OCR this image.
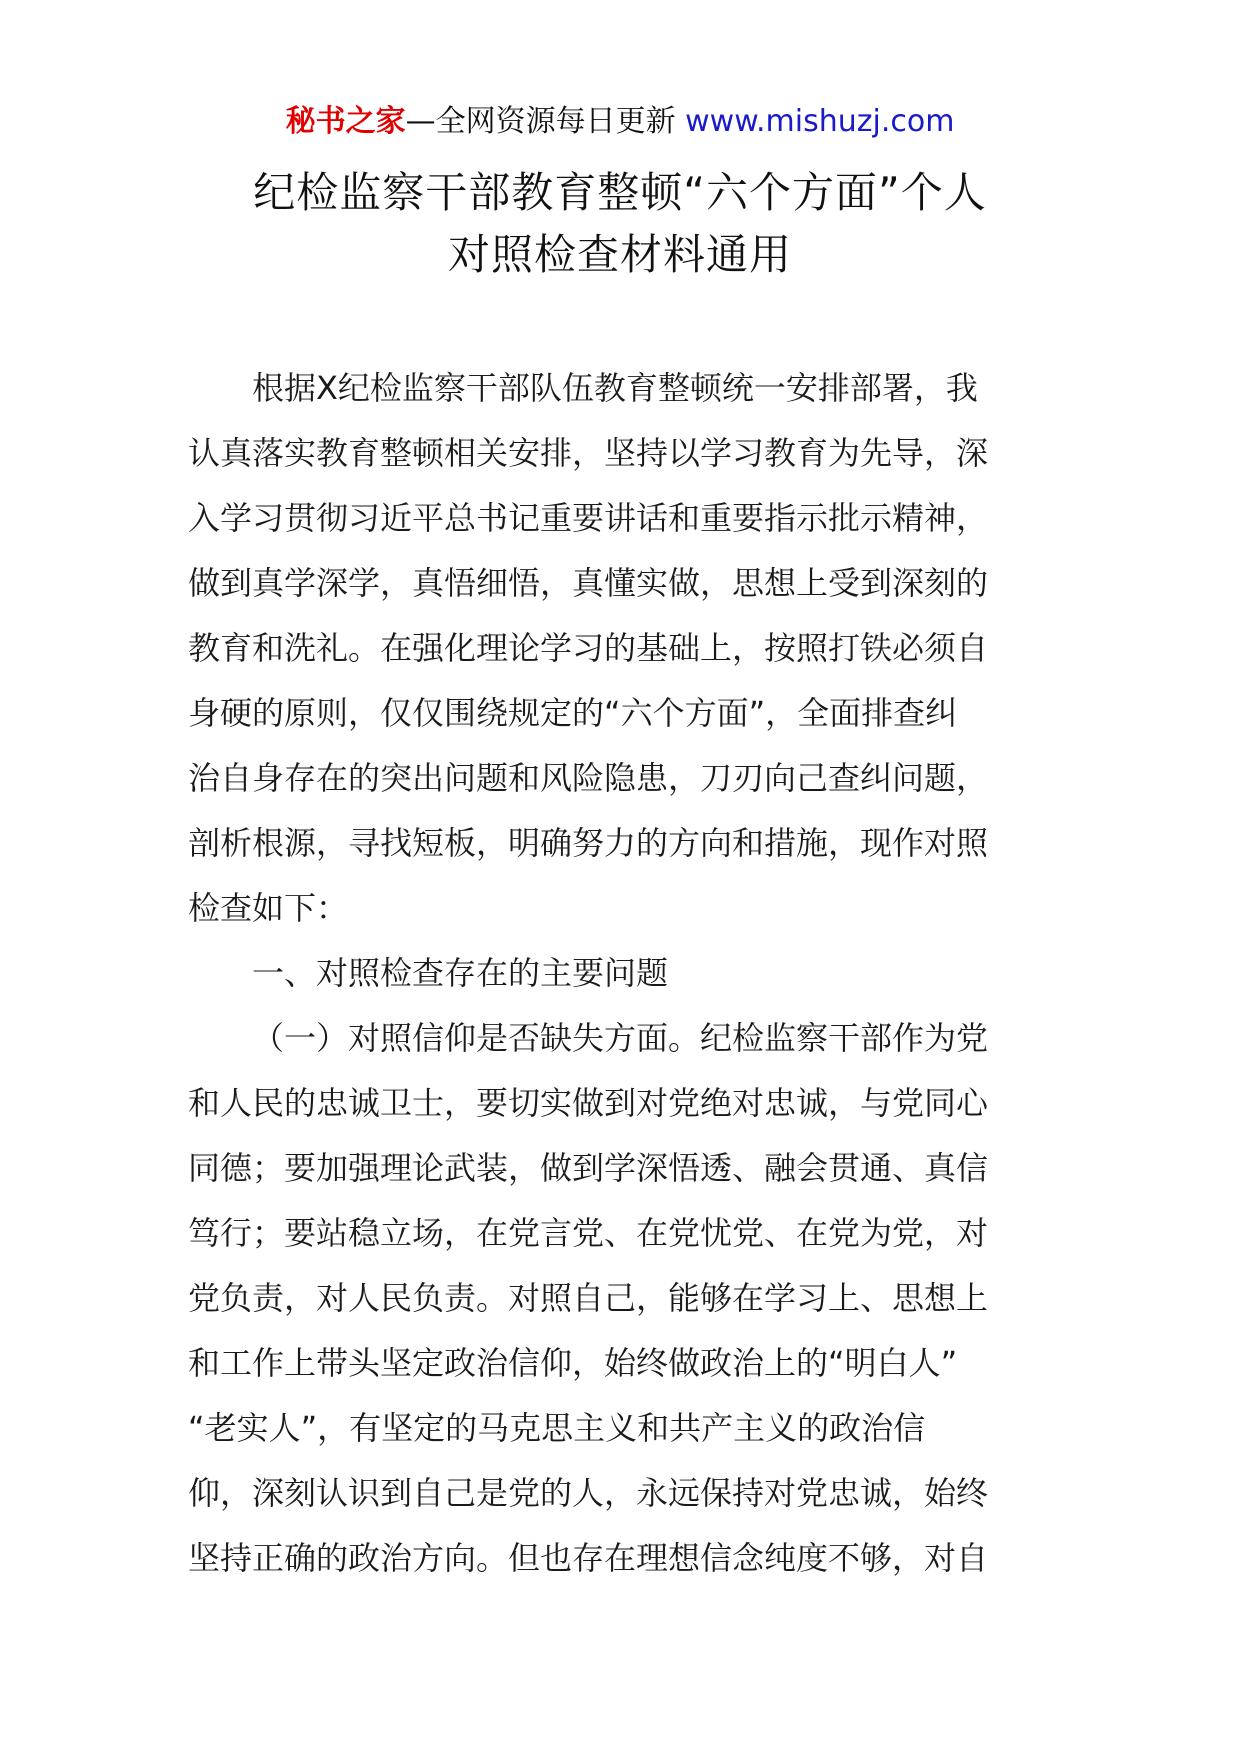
秘书之家—全网资源每日更新 www.mishuzj.com
纪检监察干部教育整顿“六个方面”个人
对照检查材料通用
根据X纪检监察干部队伍教育整顿统一安排部署，我
认真落实教育整顿相关安排，坚持以学习教育为先导，深
入学习贯彻习近平总书记重要讲话和重要指示批示精神，
做到真学深学，真悟细悟，真懂实做，思想上受到深刻的
教育和洗礼。在强化理论学习的基础上，按照打铁必须自
身硬的原则，仅仅围绕规定的“六个方面”，全面排查纠
治自身存在的突出问题和风险隐患，刀刃向己查纠问题，
剖析根源，寻找短板，明确努力的方向和措施，现作对照
检查如下：
一、对照检查存在的主要问题
（一）对照信仰是否缺失方面。纪检监察干部作为党
和人民的忠诚卫士，要切实做到对党绝对忠诚，与党同心
同德；要加强理论武装，做到学深悟透、融会贯通、真信
笃行；要站稳立场，在党言党、在党忧党、在党为党，对
党负责，对人民负责。对照自己，能够在学习上、思想上
和工作上带头坚定政治信仰，始终做政治上的“明白人”
“老实人”，有坚定的马克思主义和共产主义的政治信
仰，深刻认识到自己是党的人，永远保持对党忠诚，始终
坚持正确的政治方向。但也存在理想信念纯度不够，对自
